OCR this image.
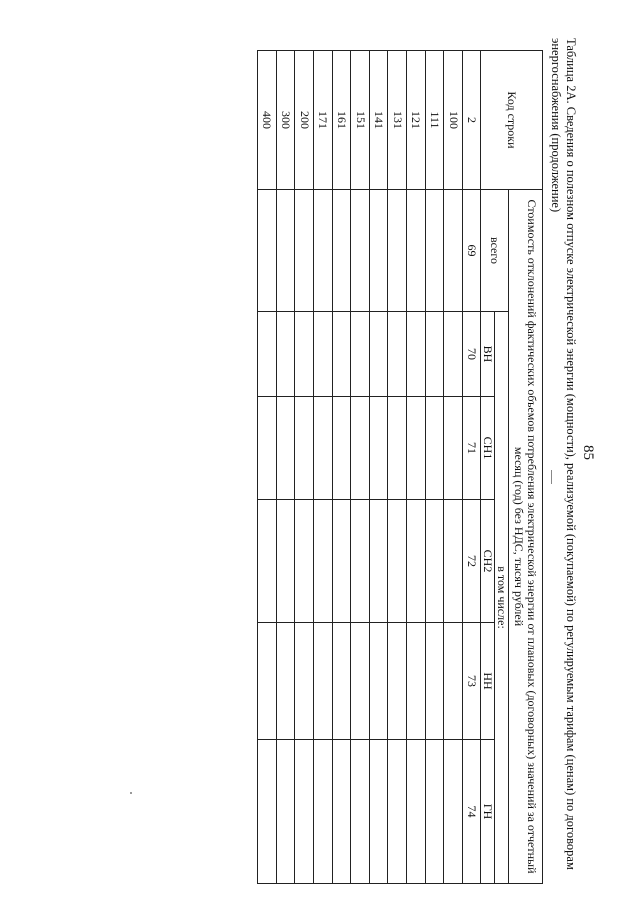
85
Таблица 2А. Сведения о полезном отпуске электрической энергии (мощности), реализуемой (покупаемой) по регулируемым тарифам (ценам) по договорам энергоснабжения (продолжение)
Код строки	Стоимость отклонений фактических объемов потребления электрической энергии от плановых (договорных) значений за отчетный месяц (год) без НДС, тысяч рублей					

	всего	в том числе:				
		ВН	СН1	СН2	НН	ГН
2	69	70	71	72	73	74
100						
111						
121						
131						
141						
151						
161						
171						
200						
300						
400						
